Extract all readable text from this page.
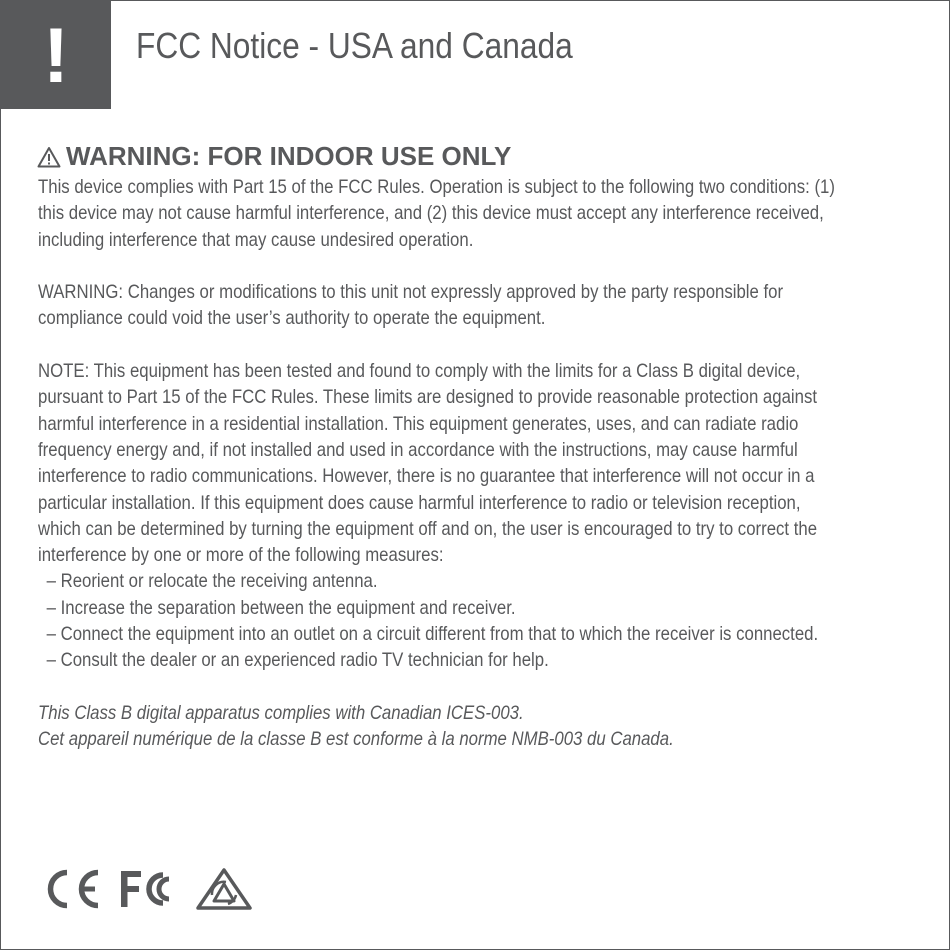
!	FCC Notice - USA and Canada
WARNING: FOR INDOOR USE ONLY

This device complies with Part 15 of the FCC Rules. Operation is subject to the following two conditions: (1)

this device may not cause harmful interference, and (2) this device must accept any interference received,

including interference that may cause undesired operation.

WARNING: Changes or modifications to this unit not expressly approved by the party responsible for

compliance could void the user’s authority to operate the equipment.

NOTE: This equipment has been tested and found to comply with the limits for a Class B digital device,

pursuant to Part 15 of the FCC Rules. These limits are designed to provide reasonable protection against

harmful interference in a residential installation. This equipment generates, uses, and can radiate radio

frequency energy and, if not installed and used in accordance with the instructions, may cause harmful

interference to radio communications. However, there is no guarantee that interference will not occur in a

particular installation. If this equipment does cause harmful interference to radio or television reception,

which can be determined by turning the equipment off and on, the user is encouraged to try to correct the

interference by one or more of the following measures:

– Reorient or relocate the receiving antenna.

– Increase the separation between the equipment and receiver.

– Connect the equipment into an outlet on a circuit different from that to which the receiver is connected.

– Consult the dealer or an experienced radio TV technician for help.

This Class B digital apparatus complies with Canadian ICES-003.

Cet appareil numérique de la classe B est conforme à la norme NMB-003 du Canada.
